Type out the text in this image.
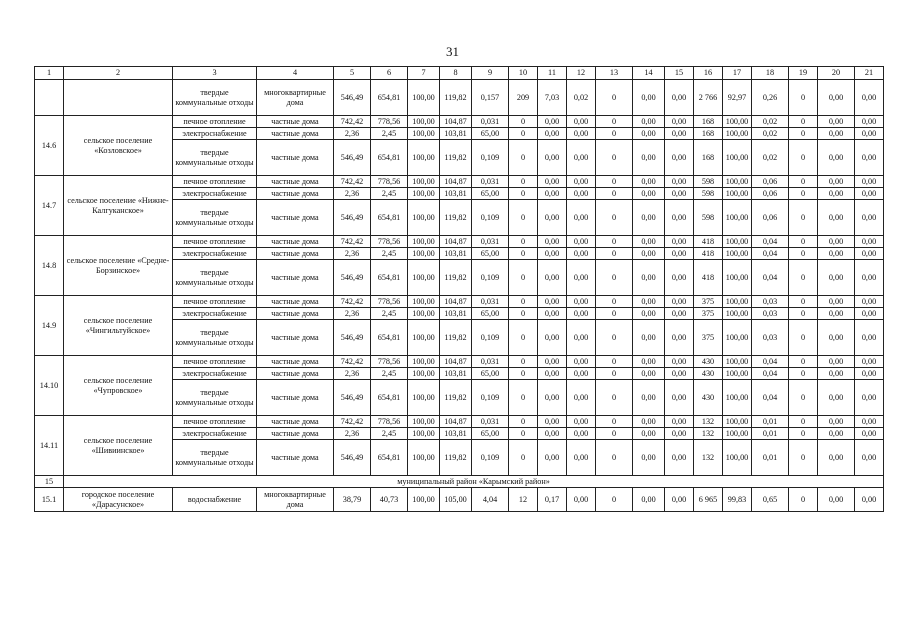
31
1	2	3	4	5	6	7	8	9	10	11	12	13	14	15	16	17	18	19	20	21
		твердые коммунальные отходы	многоквартирные дома	546,49	654,81	100,00	119,82	0,157	209	7,03	0,02	0	0,00	0,00	2 766	92,97	0,26	0	0,00	0,00
14.6	сельское поселение «Козловское»	печное отопление	частные дома	742,42	778,56	100,00	104,87	0,031	0	0,00	0,00	0	0,00	0,00	168	100,00	0,02	0	0,00	0,00
		электроснабжение	частные дома	2,36	2,45	100,00	103,81	65,00	0	0,00	0,00	0	0,00	0,00	168	100,00	0,02	0	0,00	0,00
		твердые коммунальные отходы	частные дома	546,49	654,81	100,00	119,82	0,109	0	0,00	0,00	0	0,00	0,00	168	100,00	0,02	0	0,00	0,00
14.7	сельское поселение «Нижне-Калгуканское»	печное отопление	частные дома	742,42	778,56	100,00	104,87	0,031	0	0,00	0,00	0	0,00	0,00	598	100,00	0,06	0	0,00	0,00
		электроснабжение	частные дома	2,36	2,45	100,00	103,81	65,00	0	0,00	0,00	0	0,00	0,00	598	100,00	0,06	0	0,00	0,00
		твердые коммунальные отходы	частные дома	546,49	654,81	100,00	119,82	0,109	0	0,00	0,00	0	0,00	0,00	598	100,00	0,06	0	0,00	0,00
14.8	сельское поселение «Средне-Борзинское»	печное отопление	частные дома	742,42	778,56	100,00	104,87	0,031	0	0,00	0,00	0	0,00	0,00	418	100,00	0,04	0	0,00	0,00
		электроснабжение	частные дома	2,36	2,45	100,00	103,81	65,00	0	0,00	0,00	0	0,00	0,00	418	100,00	0,04	0	0,00	0,00
		твердые коммунальные отходы	частные дома	546,49	654,81	100,00	119,82	0,109	0	0,00	0,00	0	0,00	0,00	418	100,00	0,04	0	0,00	0,00
14.9	сельское поселение «Чингильтуйское»	печное отопление	частные дома	742,42	778,56	100,00	104,87	0,031	0	0,00	0,00	0	0,00	0,00	375	100,00	0,03	0	0,00	0,00
		электроснабжение	частные дома	2,36	2,45	100,00	103,81	65,00	0	0,00	0,00	0	0,00	0,00	375	100,00	0,03	0	0,00	0,00
		твердые коммунальные отходы	частные дома	546,49	654,81	100,00	119,82	0,109	0	0,00	0,00	0	0,00	0,00	375	100,00	0,03	0	0,00	0,00
14.10	сельское поселение «Чупровское»	печное отопление	частные дома	742,42	778,56	100,00	104,87	0,031	0	0,00	0,00	0	0,00	0,00	430	100,00	0,04	0	0,00	0,00
		электроснабжение	частные дома	2,36	2,45	100,00	103,81	65,00	0	0,00	0,00	0	0,00	0,00	430	100,00	0,04	0	0,00	0,00
		твердые коммунальные отходы	частные дома	546,49	654,81	100,00	119,82	0,109	0	0,00	0,00	0	0,00	0,00	430	100,00	0,04	0	0,00	0,00
14.11	сельское поселение «Шивиинское»	печное отопление	частные дома	742,42	778,56	100,00	104,87	0,031	0	0,00	0,00	0	0,00	0,00	132	100,00	0,01	0	0,00	0,00
		электроснабжение	частные дома	2,36	2,45	100,00	103,81	65,00	0	0,00	0,00	0	0,00	0,00	132	100,00	0,01	0	0,00	0,00
		твердые коммунальные отходы	частные дома	546,49	654,81	100,00	119,82	0,109	0	0,00	0,00	0	0,00	0,00	132	100,00	0,01	0	0,00	0,00
15	муниципальный район «Карымский район»																			
15.1	городское поселение «Дарасунское»	водоснабжение	многоквартирные дома	38,79	40,73	100,00	105,00	4,04	12	0,17	0,00	0	0,00	0,00	6 965	99,83	0,65	0	0,00	0,00
